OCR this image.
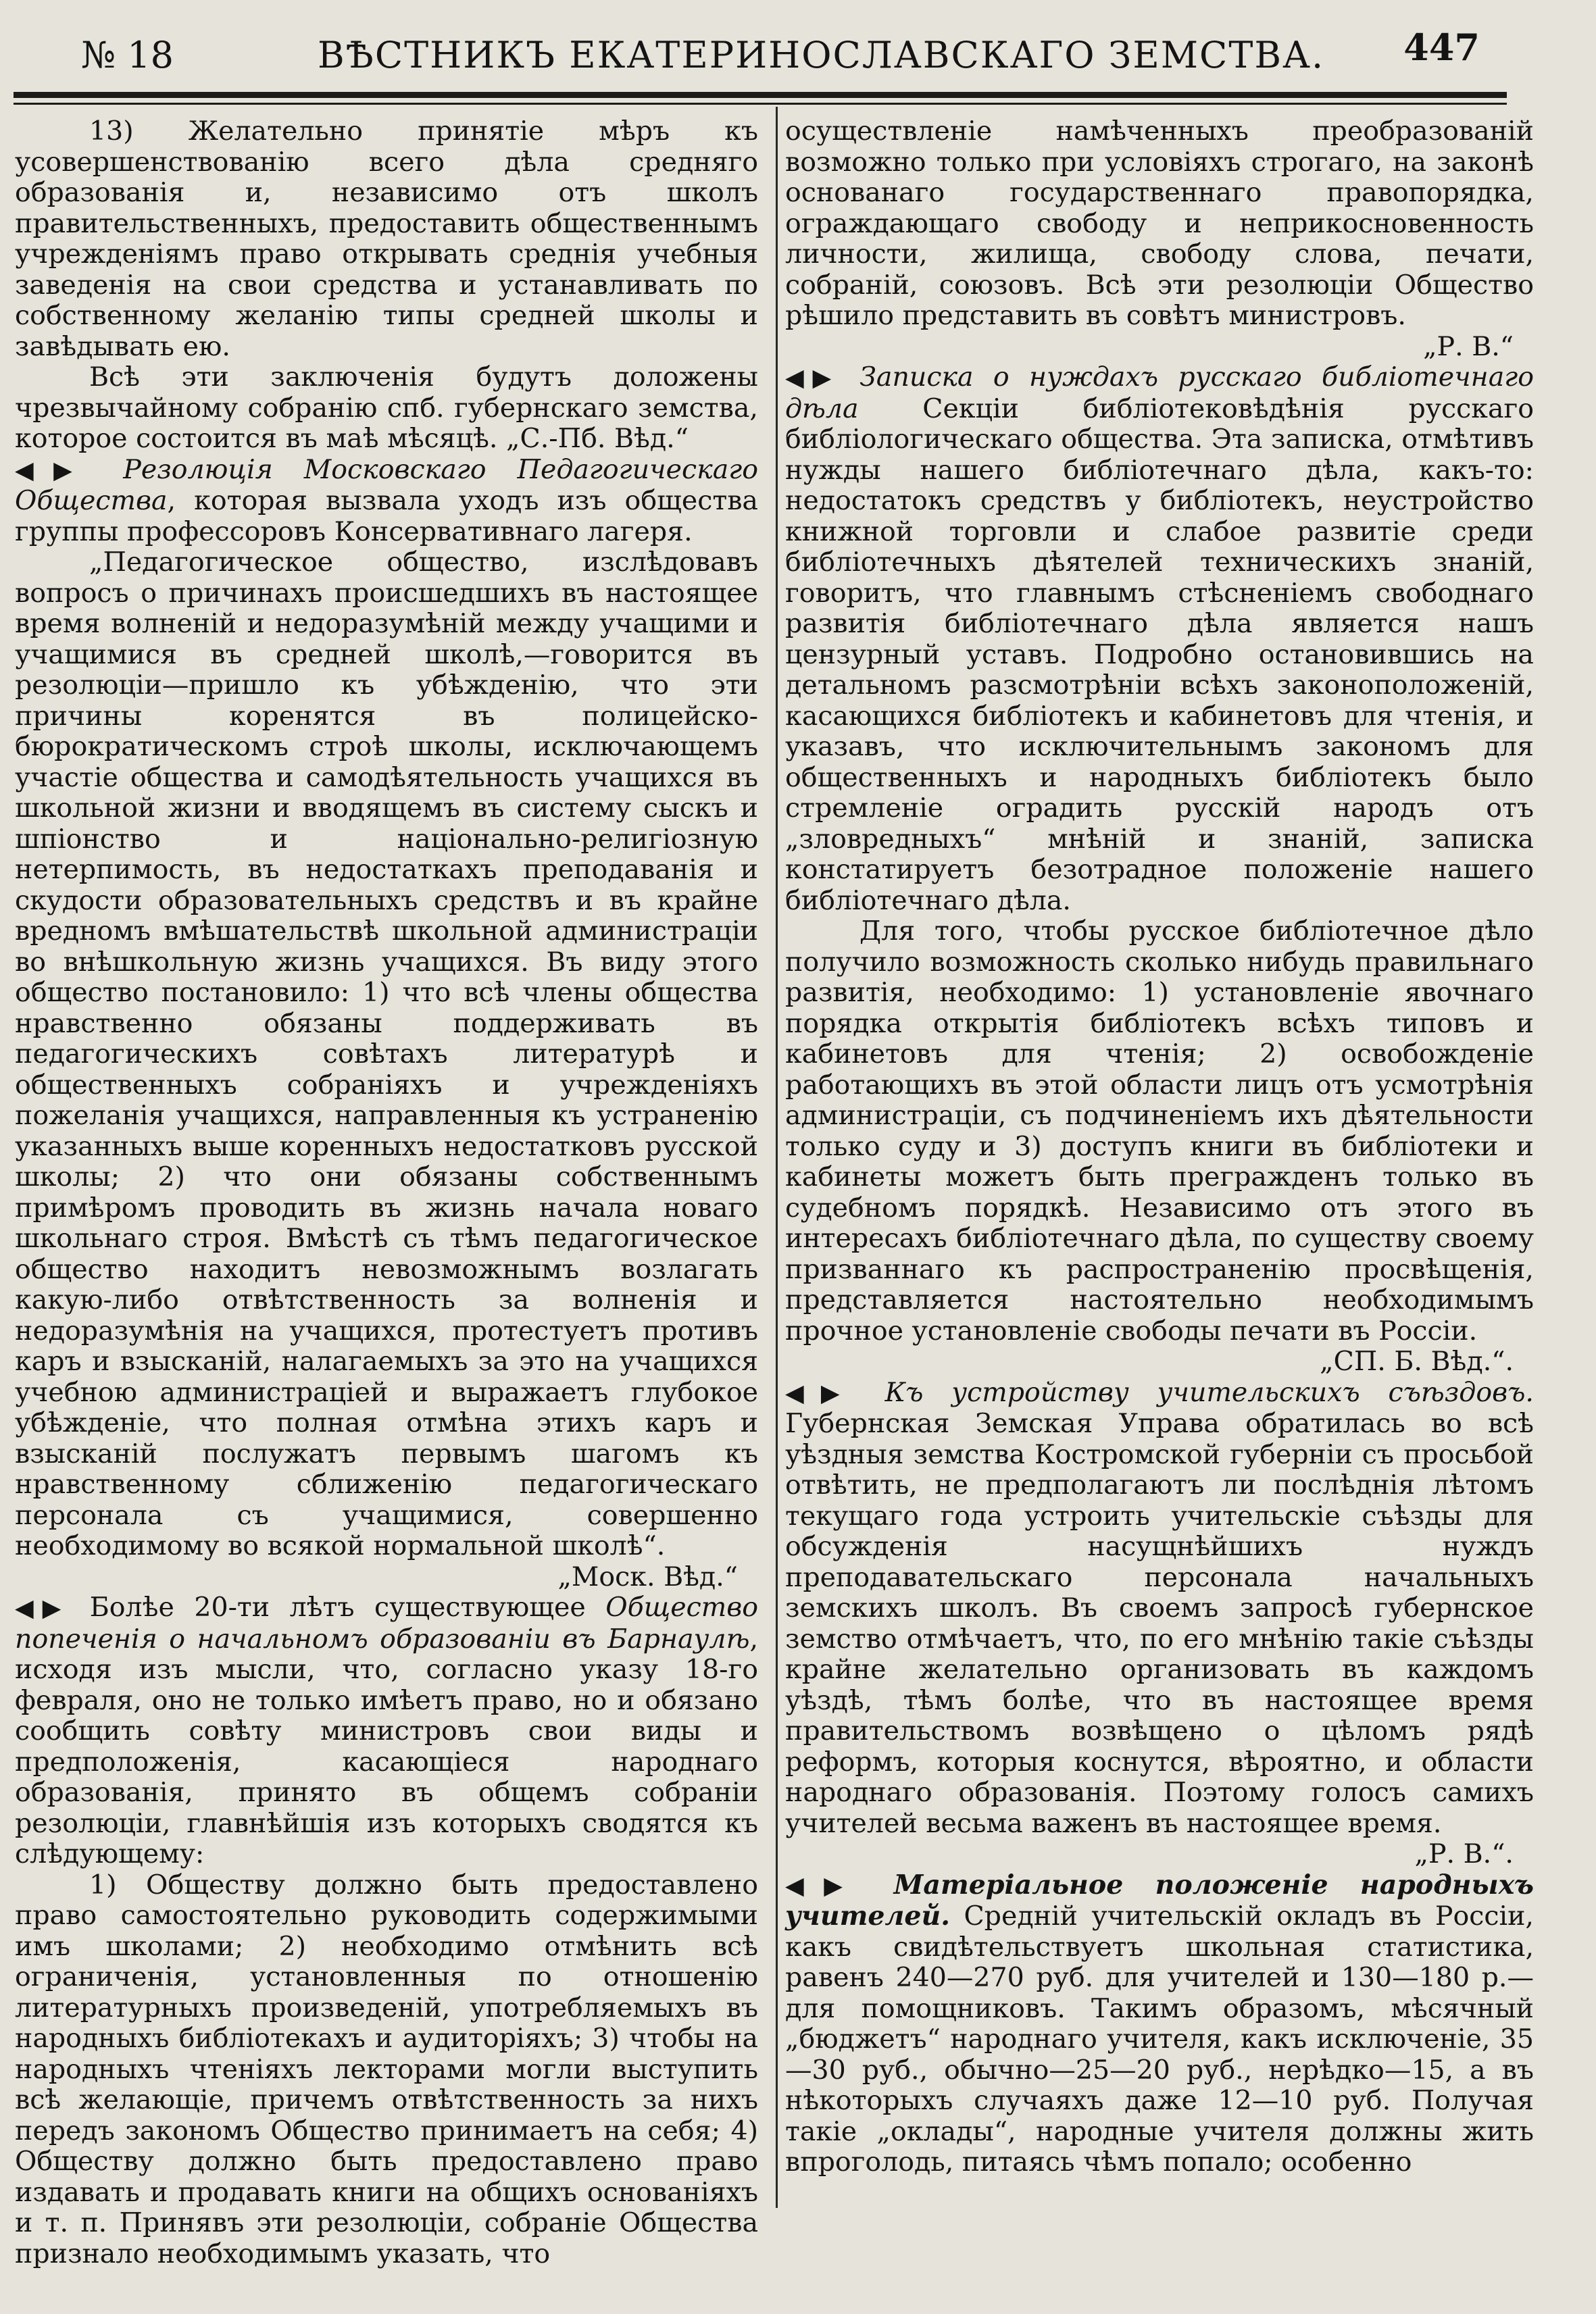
№ 18	ВѢСТНИКЪ ЕКАТЕРИНОСЛАВСКАГО ЗЕМСТВА. 447

13) Желательно принятіе мѣръ къ усовершенствованію всего дѣла средняго образованія и, независимо отъ школъ правительственныхъ, предоставить общественнымъ учрежденіямъ право открывать среднія учебныя заведенія на свои средства и устанавливать по собственному желанію типы средней школы и завѣдывать ею.

Всѣ эти заключенія будутъ доложены чрезвычайному собранію спб. губернскаго земства, которое состоится въ маѣ мѣсяцѣ. „С.-Пб. Вѣд.“

◀▶ Резолюція Московскаго Педагогическаго Общества, которая вызвала уходъ изъ общества группы профессоровъ Консервативнаго лагеря.

„Педагогическое общество, изслѣдовавъ вопросъ о причинахъ происшедшихъ въ настоящее время волненій и недоразумѣній между учащими и учащимися въ средней школѣ,—говорится въ резолюціи—пришло къ убѣжденію, что эти причины коренятся въ полицейско-бюрократическомъ строѣ школы, исключающемъ участіе общества и самодѣятельность учащихся въ школьной жизни и вводящемъ въ систему сыскъ и шпіонство и національно-религіозную нетерпимость, въ недостаткахъ преподаванія и скудости образовательныхъ средствъ и въ крайне вредномъ вмѣшательствѣ школьной администраціи во внѣшкольную жизнь учащихся. Въ виду этого общество постановило: 1) что всѣ члены общества нравственно обязаны поддерживать въ педагогическихъ совѣтахъ литературѣ и общественныхъ собраніяхъ и учрежденіяхъ пожеланія учащихся, направленныя къ устраненію указанныхъ выше коренныхъ недостатковъ русской школы; 2) что они обязаны собственнымъ примѣромъ проводить въ жизнь начала новаго школьнаго строя. Вмѣстѣ съ тѣмъ педагогическое общество находитъ невозможнымъ возлагать какую-либо отвѣтственность за волненія и недоразумѣнія на учащихся, протестуетъ противъ каръ и взысканій, налагаемыхъ за это на учащихся учебною администраціей и выражаетъ глубокое убѣжденіе, что полная отмѣна этихъ каръ и взысканій послужатъ первымъ шагомъ къ нравственному сближенію педагогическаго персонала съ учащимися, совершенно необходимому во всякой нормальной школѣ“.

„Моск. Вѣд.“

◀▶ Болѣе 20-ти лѣтъ существующее Общество попеченія о начальномъ образованіи въ Барнаулѣ, исходя изъ мысли, что, согласно указу 18-го февраля, оно не только имѣетъ право, но и обязано сообщить совѣту министровъ свои виды и предположенія, касающіеся народнаго образованія, принято въ общемъ собраніи резолюціи, главнѣйшія изъ которыхъ сводятся къ слѣдующему:

1) Обществу должно быть предоставлено право самостоятельно руководить содержимыми имъ школами; 2) необходимо отмѣнить всѣ ограниченія, установленныя по отношенію литературныхъ произведеній, употребляемыхъ въ народныхъ библіотекахъ и аудиторіяхъ; 3) чтобы на народныхъ чтеніяхъ лекторами могли выступить всѣ желающіе, причемъ отвѣтственность за нихъ передъ закономъ Общество принимаетъ на себя; 4) Обществу должно быть предоставлено право издавать и продавать книги на общихъ основаніяхъ и т. п. Принявъ эти резолюціи, собраніе Общества признало необходимымъ указать, что

осуществленіе намѣченныхъ преобразованій возможно только при условіяхъ строгаго, на законѣ основанаго государственнаго правопорядка, ограждающаго свободу и неприкосновенность личности, жилища, свободу слова, печати, собраній, союзовъ. Всѣ эти резолюціи Общество рѣшило представить въ совѣтъ министровъ.

„Р. В.“

◀▶ Записка о нуждахъ русскаго библіотечнаго дѣла Секціи библіотековѣдѣнія русскаго библіологическаго общества. Эта записка, отмѣтивъ нужды нашего библіотечнаго дѣла, какъ-то: недостатокъ средствъ у библіотекъ, неустройство книжной торговли и слабое развитіе среди библіотечныхъ дѣятелей техническихъ знаній, говоритъ, что главнымъ стѣсненіемъ свободнаго развитія библіотечнаго дѣла является нашъ цензурный уставъ. Подробно остановившись на детальномъ разсмотрѣніи всѣхъ законоположеній, касающихся библіотекъ и кабинетовъ для чтенія, и указавъ, что исключительнымъ закономъ для общественныхъ и народныхъ библіотекъ было стремленіе оградить русскій народъ отъ „зловредныхъ“ мнѣній и знаній, записка констатируетъ безотрадное положеніе нашего библіотечнаго дѣла.

Для того, чтобы русское библіотечное дѣло получило возможность сколько нибудь правильнаго развитія, необходимо: 1) установленіе явочнаго порядка открытія библіотекъ всѣхъ типовъ и кабинетовъ для чтенія; 2) освобожденіе работающихъ въ этой области лицъ отъ усмотрѣнія администраціи, съ подчиненіемъ ихъ дѣятельности только суду и 3) доступъ книги въ библіотеки и кабинеты можетъ быть прегражденъ только въ судебномъ порядкѣ. Независимо отъ этого въ интересахъ библіотечнаго дѣла, по существу своему призваннаго къ распространенію просвѣщенія, представляется настоятельно необходимымъ прочное установленіе свободы печати въ Россіи.

„СП. Б. Вѣд.“.

◀▶ Къ устройству учительскихъ съѣздовъ. Губернская Земская Управа обратилась во всѣ уѣздныя земства Костромской губерніи съ просьбой отвѣтить, не предполагаютъ ли послѣднія лѣтомъ текущаго года устроить учительскіе съѣзды для обсужденія насущнѣйшихъ нуждъ преподавательскаго персонала начальныхъ земскихъ школъ. Въ своемъ запросѣ губернское земство отмѣчаетъ, что, по его мнѣнію такіе съѣзды крайне желательно организовать въ каждомъ уѣздѣ, тѣмъ болѣе, что въ настоящее время правительствомъ возвѣщено о цѣломъ рядѣ реформъ, которыя коснутся, вѣроятно, и области народнаго образованія. Поэтому голосъ самихъ учителей весьма важенъ въ настоящее время.

„Р. В.“.

◀▶ Матеріальное положеніе народныхъ учителей. Средній учительскій окладъ въ Россіи, какъ свидѣтельствуетъ школьная статистика, равенъ 240—270 руб. для учителей и 130—180 р.— для помощниковъ. Такимъ образомъ, мѣсячный „бюджетъ“ народнаго учителя, какъ исключеніе, 35—30 руб., обычно—25—20 руб., нерѣдко—15, а въ нѣкоторыхъ случаяхъ даже 12—10 руб. Получая такіе „оклады“, народные учителя должны жить впроголодь, питаясь чѣмъ попало; особенно
